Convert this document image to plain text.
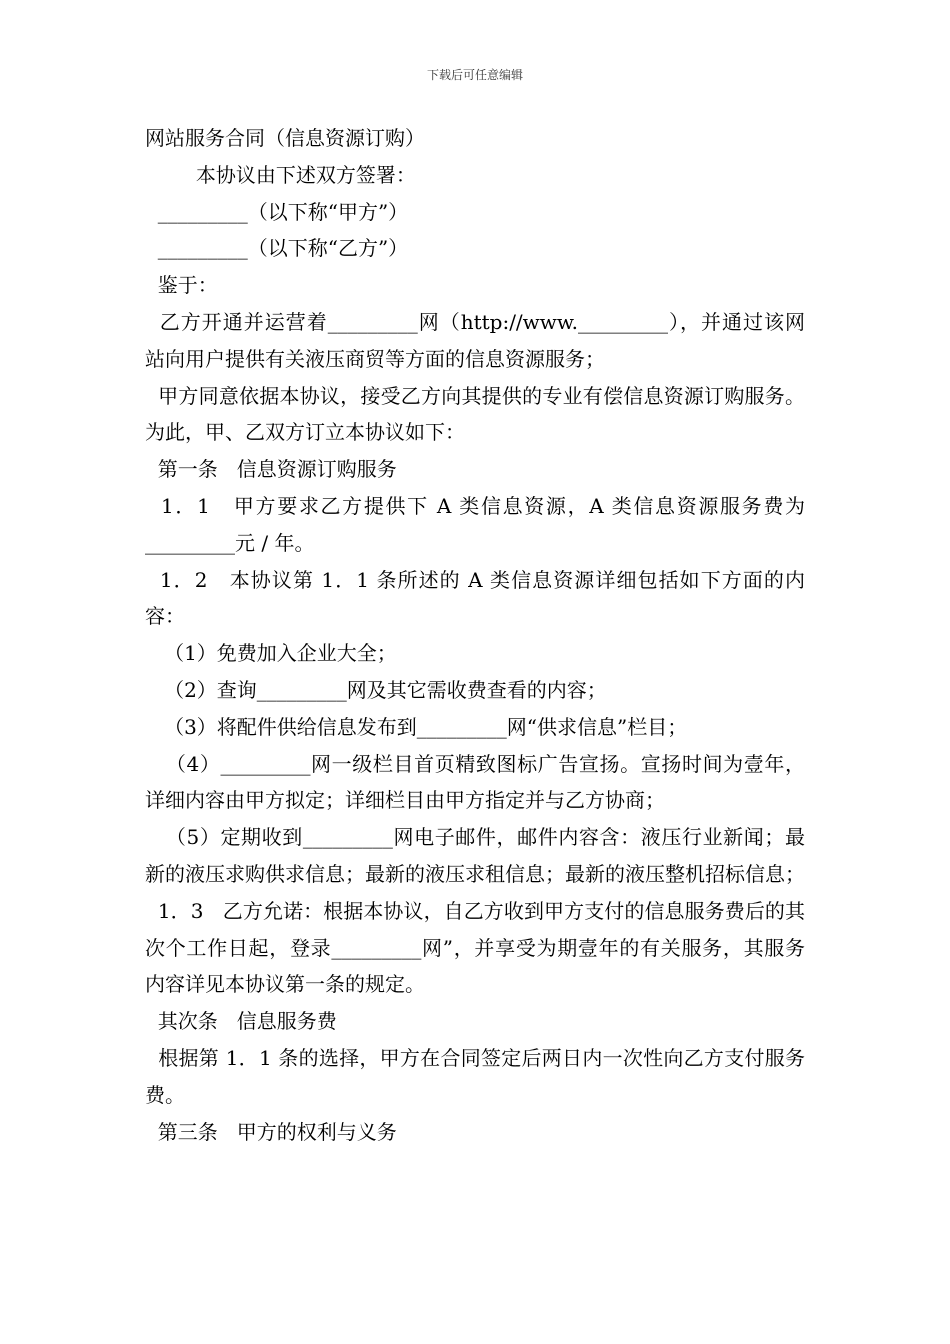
下载后可任意编辑

网站服务合同（信息资源订购）

本协议由下述双方签署：

_________（以下称“甲方”）

_________（以下称“乙方”）

鉴于：

乙方开通并运营着_________网（http://www._________），并通过该网站向用户提供有关液压商贸等方面的信息资源服务；

甲方同意依据本协议，接受乙方向其提供的专业有偿信息资源订购服务。   为此，甲、乙双方订立本协议如下：

第一条   信息资源订购服务

1．1   甲方要求乙方提供下 A 类信息资源，A 类信息资源服务费为_________元 / 年。

1．2   本协议第 1．1 条所述的 A 类信息资源详细包括如下方面的内容：

（1）免费加入企业大全；

（2）查询_________网及其它需收费查看的内容；

（3）将配件供给信息发布到_________网“供求信息”栏目；

（4）_________网一级栏目首页精致图标广告宣扬。宣扬时间为壹年，详细内容由甲方拟定；详细栏目由甲方指定并与乙方协商；

（5）定期收到_________网电子邮件，邮件内容含：液压行业新闻；最新的液压求购供求信息；最新的液压求租信息；最新的液压整机招标信息；

1．3   乙方允诺：根据本协议，自乙方收到甲方支付的信息服务费后的其次个工作日起，登录_________网”，并享受为期壹年的有关服务，其服务内容详见本协议第一条的规定。

其次条   信息服务费

根据第 1．1 条的选择，甲方在合同签定后两日内一次性向乙方支付服务费。

第三条   甲方的权利与义务
